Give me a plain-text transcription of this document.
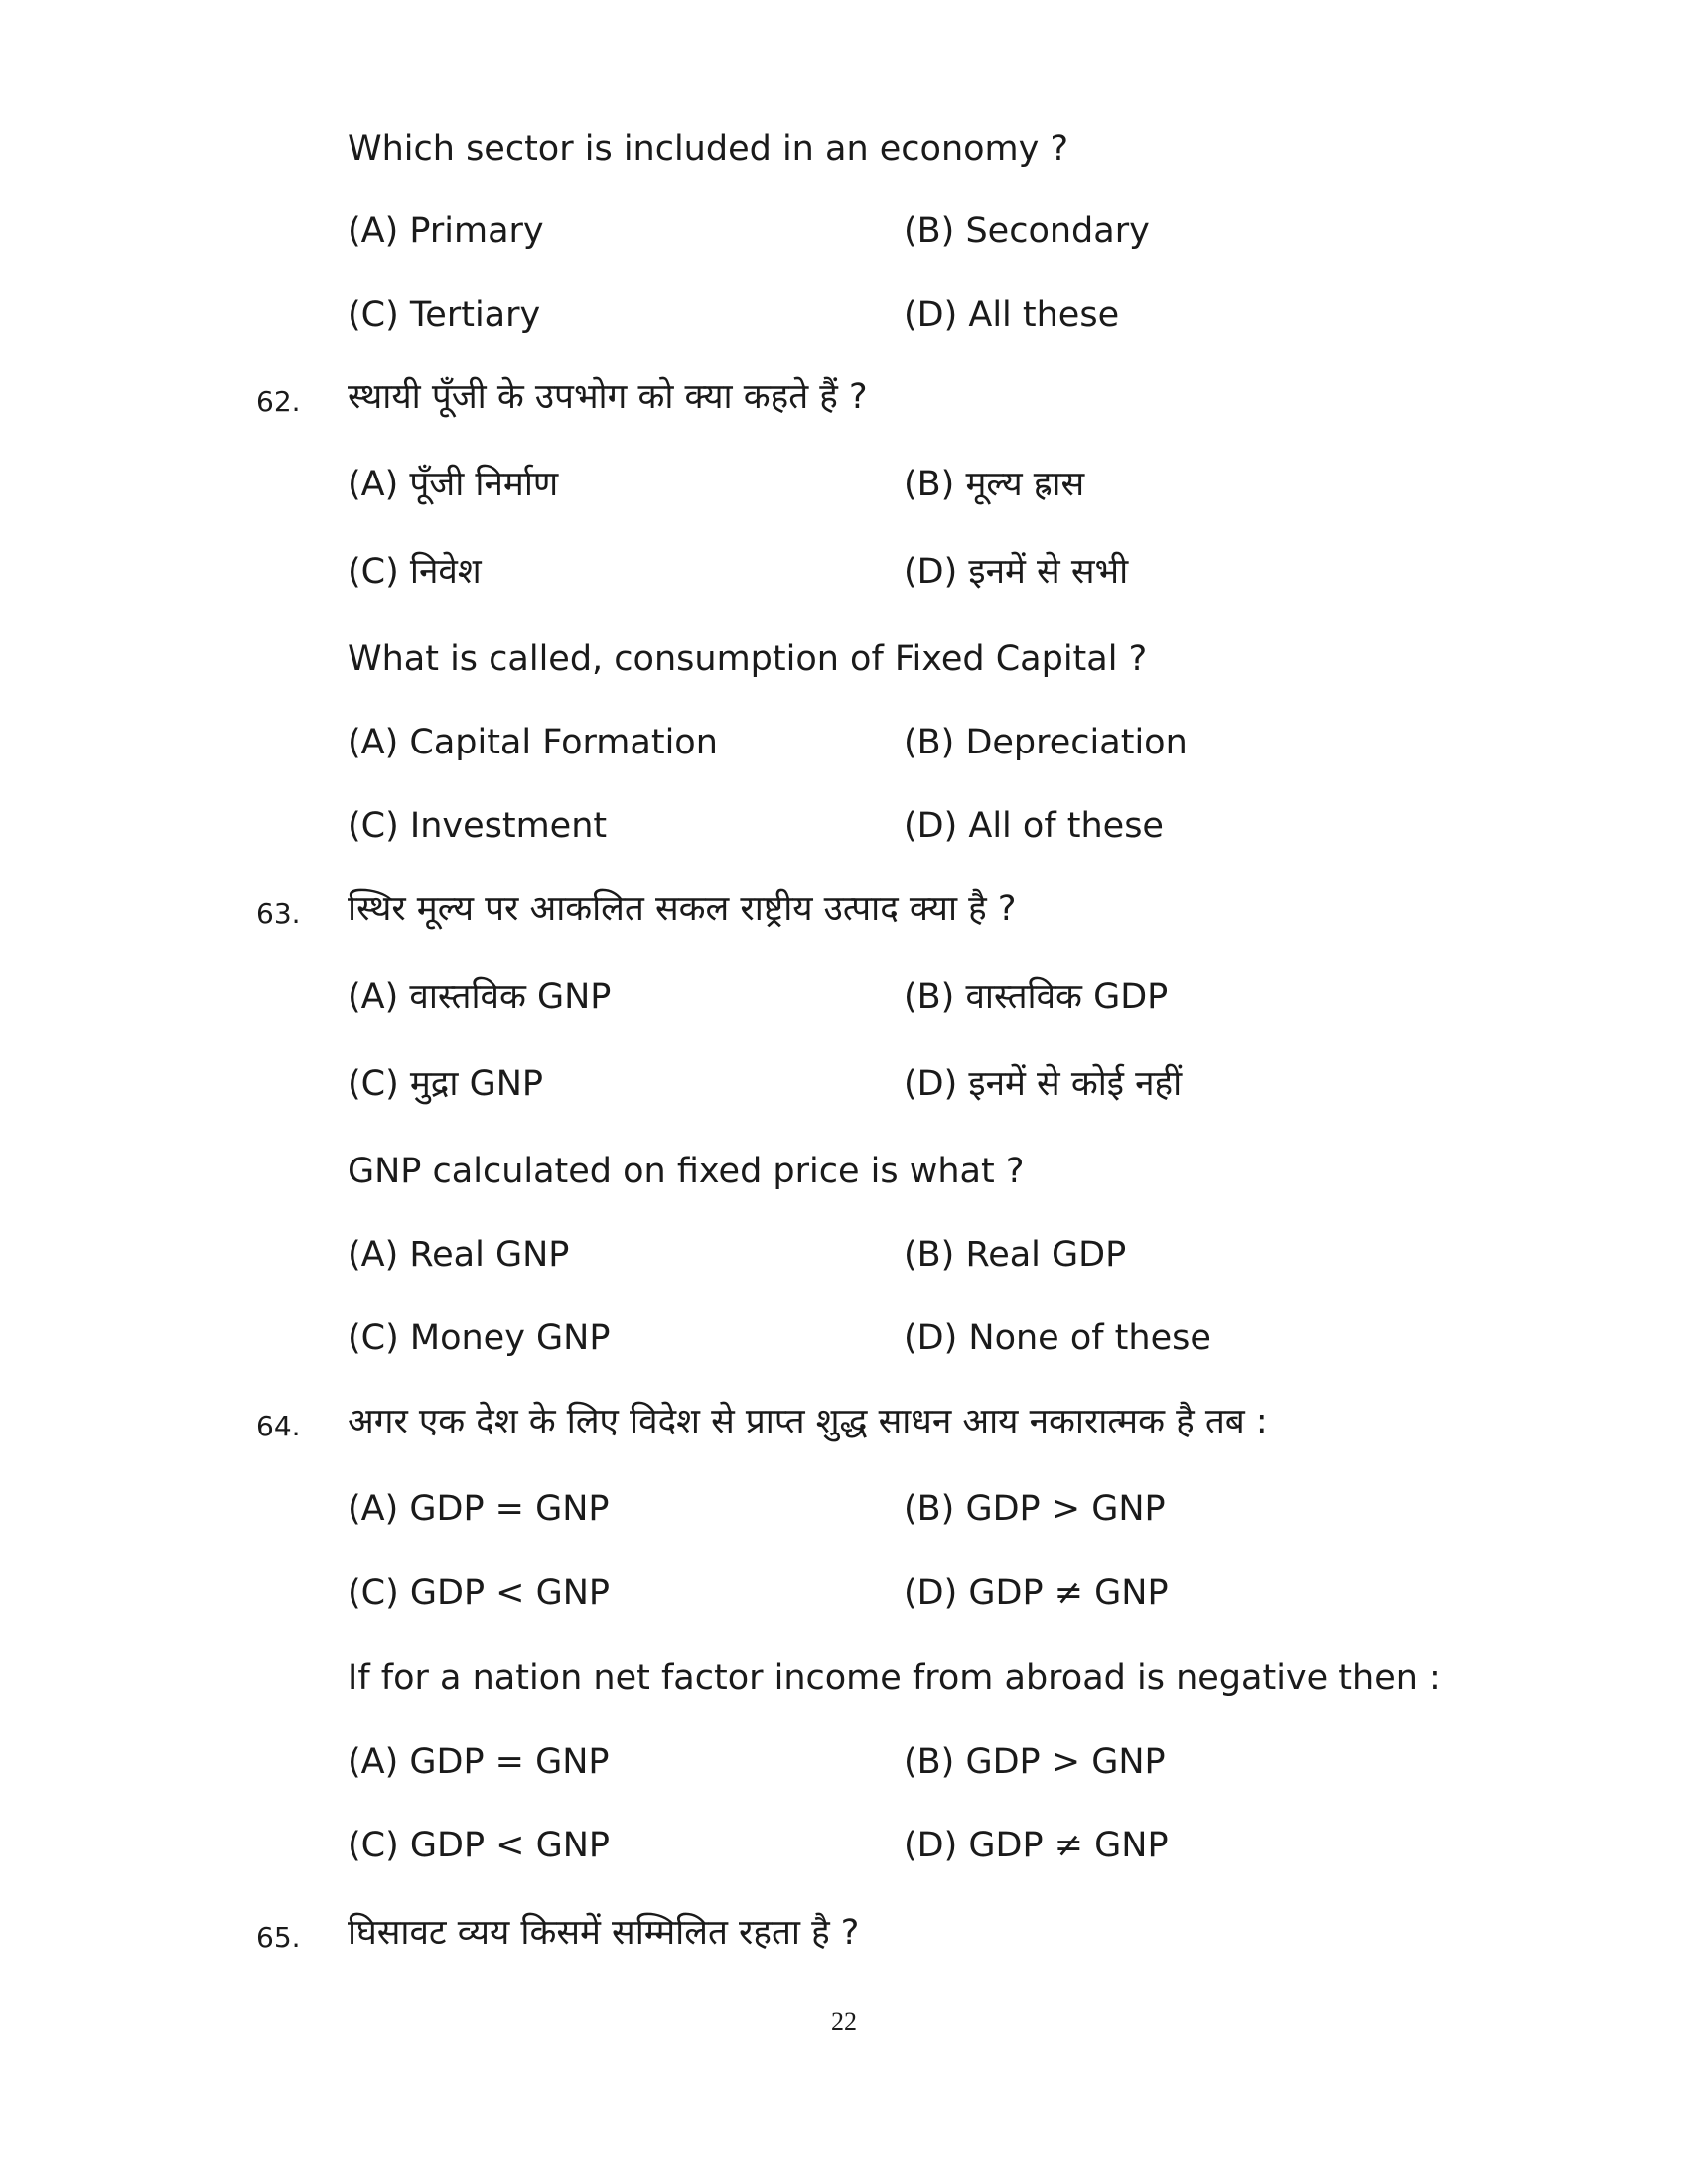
Which sector is included in an economy ?
(A) Primary	(B) Secondary
(C) Tertiary	(D) All these
62. स्थायी पूँजी के उपभोग को क्या कहते हैं ?
(A) पूँजी निर्माण	(B) मूल्य ह्रास
(C) निवेश	(D) इनमें से सभी
What is called, consumption of Fixed Capital ?
(A) Capital Formation	(B) Depreciation
(C) Investment	(D) All of these
63. स्थिर मूल्य पर आकलित सकल राष्ट्रीय उत्पाद क्या है ?
(A) वास्तविक GNP	(B) वास्तविक GDP
(C) मुद्रा GNP	(D) इनमें से कोई नहीं
GNP calculated on fixed price is what ?
(A) Real GNP	(B) Real GDP
(C) Money GNP	(D) None of these
64. अगर एक देश के लिए विदेश से प्राप्त शुद्ध साधन आय नकारात्मक है तब :
(A) GDP = GNP	(B) GDP > GNP
(C) GDP < GNP	(D) GDP ≠ GNP
If for a nation net factor income from abroad is negative then :
(A) GDP = GNP	(B) GDP > GNP
(C) GDP < GNP	(D) GDP ≠ GNP
65. घिसावट व्यय किसमें सम्मिलित रहता है ?
22
